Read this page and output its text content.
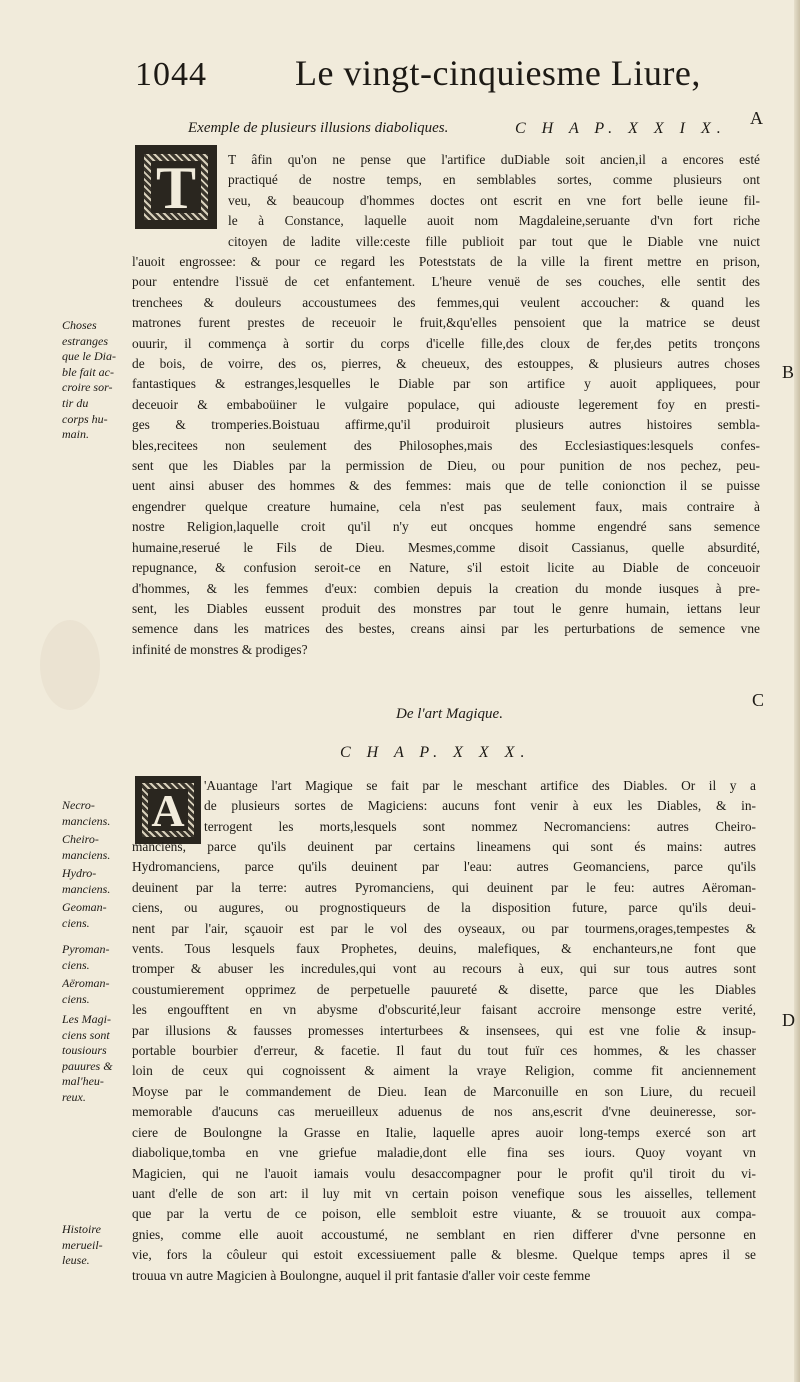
1044 Le vingt-cinquiesme Liure,
A
B
C
D
Exemple de plusieurs illusions diaboliques.	C H A P. X X I X.
T	T âfin qu'on ne pense que l'artifice duDiable soit ancien,il a encores esté
practiqué de nostre temps, en semblables sortes, comme plusieurs ont
veu, & beaucoup d'hommes doctes ont escrit en vne fort belle ieune fil-
le à Constance, laquelle auoit nom Magdaleine,seruante d'vn fort riche
citoyen de ladite ville:ceste fille publioit par tout que le Diable vne nuict
l'auoit engrossee: & pour ce regard les Poteststats de la ville la firent mettre en prison,
pour entendre l'issuë de cet enfantement. L'heure venuë de ses couches, elle sentit des
trenchees & douleurs accoustumees des femmes,qui veulent accoucher: & quand les
matrones furent prestes de receuoir le fruit,&qu'elles pensoient que la matrice se deust
ouurir, il commença à sortir du corps d'icelle fille,des cloux de fer,des petits tronçons
de bois, de voirre, des os, pierres, & cheueux, des estouppes, & plusieurs autres choses
fantastiques & estranges,lesquelles le Diable par son artifice y auoit appliquees, pour
deceuoir & embaboüiner le vulgaire populace, qui adiouste legerement foy en presti-
ges & tromperies.Boistuau affirme,qu'il produiroit plusieurs autres histoires sembla-
bles,recitees non seulement des Philosophes,mais des Ecclesiastiques:lesquels confes-
sent que les Diables par la permission de Dieu, ou pour punition de nos pechez, peu-
uent ainsi abuser des hommes & des femmes: mais que de telle conionction il se puisse
engendrer quelque creature humaine, cela n'est pas seulement faux, mais contraire à
nostre Religion,laquelle croit qu'il n'y eut oncques homme engendré sans semence
humaine,reserué le Fils de Dieu. Mesmes,comme disoit Cassianus, quelle absurdité,
repugnance, & confusion seroit-ce en Nature, s'il estoit licite au Diable de conceuoir
d'hommes, & les femmes d'eux: combien depuis la creation du monde iusques à pre-
sent, les Diables eussent produit des monstres par tout le genre humain, iettans leur
semence dans les matrices des bestes, creans ainsi par les perturbations de semence vne
infinité de monstres & prodiges?
Choses
estranges
que le Dia-
ble fait ac-
croire sor-
tir du
corps hu-
main.
De l'art Magique.
C H A P. X X X.
A 'Auantage l'art Magique se fait par le meschant artifice des Diables. Or il y a
de plusieurs sortes de Magiciens: aucuns font venir à eux les Diables, & in-
terrogent les morts,lesquels sont nommez Necromanciens: autres Cheiro-
manciens, parce qu'ils deuinent par certains lineamens qui sont és mains: autres
Hydromanciens, parce qu'ils deuinent par l'eau: autres Geomanciens, parce qu'ils
deuinent par la terre: autres Pyromanciens, qui deuinent par le feu: autres Aëroman-
ciens, ou augures, ou prognostiqueurs de la disposition future, parce qu'ils deui-
nent par l'air, sçauoir est par le vol des oyseaux, ou par tourmens,orages,tempestes &
vents. Tous lesquels faux Prophetes, deuins, malefiques, & enchanteurs,ne font que
tromper & abuser les incredules,qui vont au recours à eux, qui sur tous autres sont
coustumierement opprimez de perpetuelle pauureté & disette, parce que les Diables
les engoufftent en vn abysme d'obscurité,leur faisant accroire mensonge estre verité,
par illusions & fausses promesses interturbees & insensees, qui est vne folie & insup-
portable bourbier d'erreur, & facetie. Il faut du tout fuïr ces hommes, & les chasser
loin de ceux qui cognoissent & aiment la vraye Religion, comme fit anciennement
Moyse par le commandement de Dieu. Iean de Marconuille en son Liure, du recueil
memorable d'aucuns cas merueilleux aduenus de nos ans,escrit d'vne deuineresse, sor-
ciere de Boulongne la Grasse en Italie, laquelle apres auoir long-temps exercé son art
diabolique,tomba en vne griefue maladie,dont elle fina ses iours. Quoy voyant vn
Magicien, qui ne l'auoit iamais voulu desaccompagner pour le profit qu'il tiroit du vi-
uant d'elle de son art: il luy mit vn certain poison venefique sous les aisselles, tellement
que par la vertu de ce poison, elle sembloit estre viuante, & se trouuoit aux compa-
gnies, comme elle auoit accoustumé, ne semblant en rien differer d'vne personne en
vie, fors la côuleur qui estoit excessiuement palle & blesme. Quelque temps apres il se
trouua vn autre Magicien à Boulongne, auquel il prit fantasie d'aller voir ceste femme
Necro-
manciens.
Cheiro-
manciens.
Hydro-
manciens.
Geoman-
ciens.
Pyroman-
ciens.
Aëroman-
ciens.
Les Magi-
ciens sont
tousiours
pauures &
mal'heu-
reux.
Histoire
merueil-
leuse.
